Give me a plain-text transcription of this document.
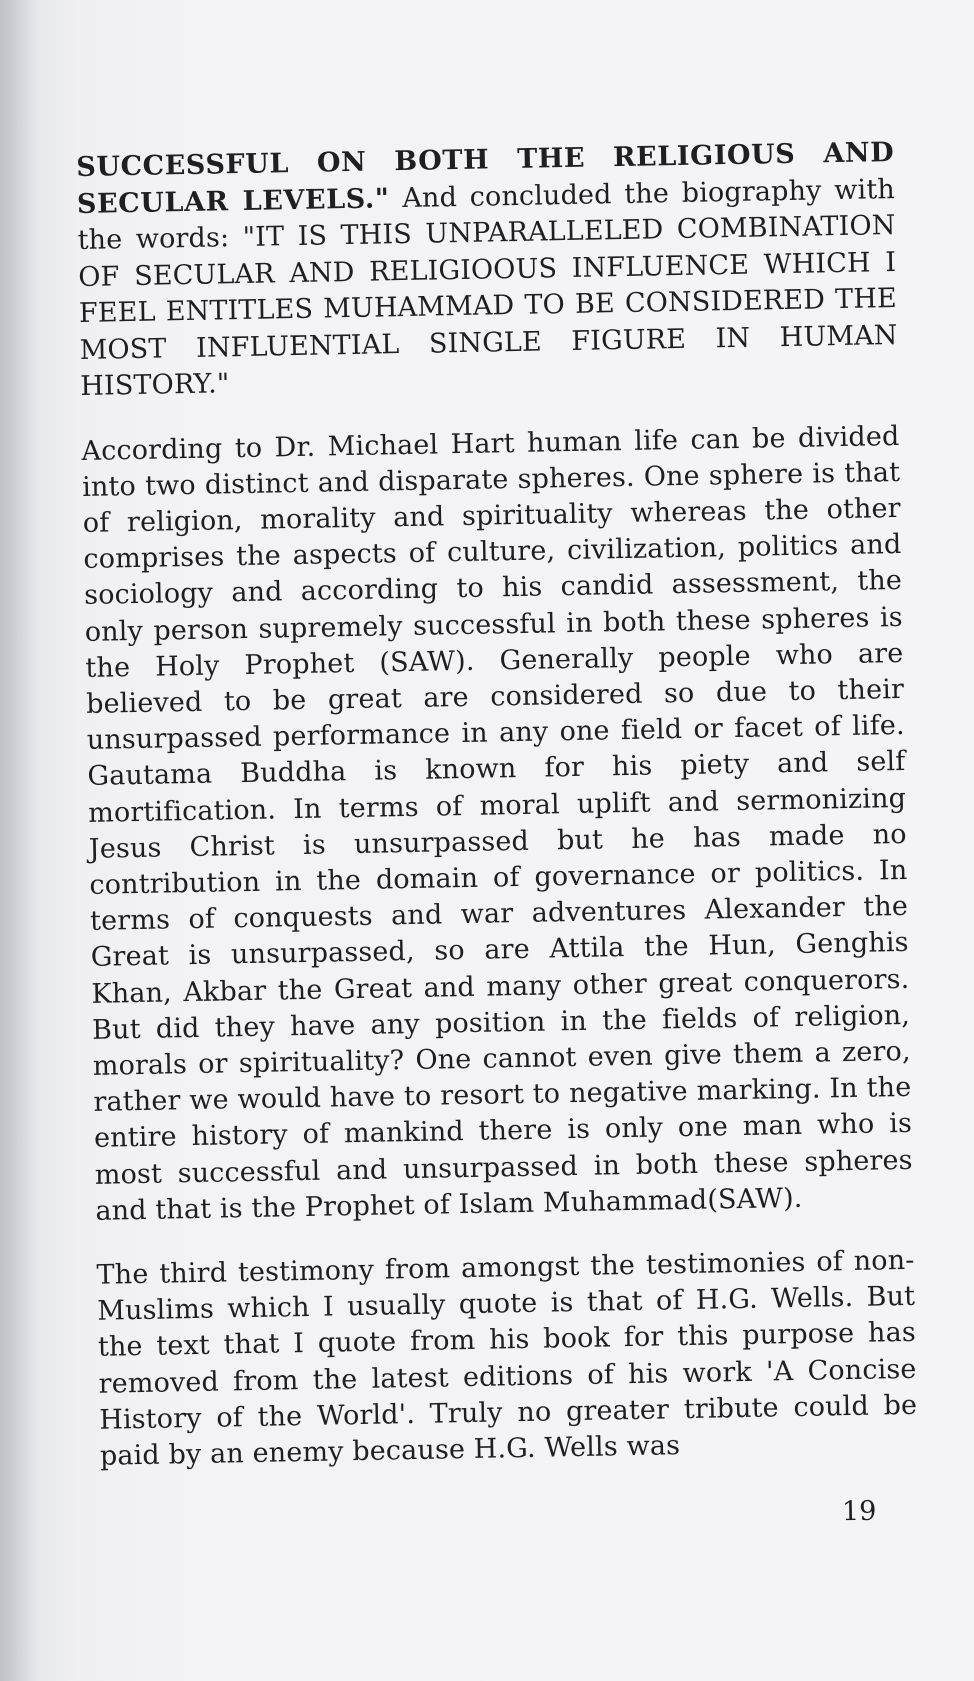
SUCCESSFUL ON BOTH THE RELIGIOUS AND SECULAR LEVELS." And concluded the biography with the words: "IT IS THIS UNPARALLELED COMBINATION OF SECULAR AND RELIGIOOUS INFLUENCE WHICH I FEEL ENTITLES MUHAMMAD TO BE CONSIDERED THE MOST INFLUENTIAL SINGLE FIGURE IN HUMAN HISTORY."

According to Dr. Michael Hart human life can be divided into two distinct and disparate spheres. One sphere is that of religion, morality and spirituality whereas the other comprises the aspects of culture, civilization, politics and sociology and according to his candid assessment, the only person supremely successful in both these spheres is the Holy Prophet (SAW). Generally people who are believed to be great are considered so due to their unsurpassed performance in any one field or facet of life. Gautama Buddha is known for his piety and self mortification. In terms of moral uplift and sermonizing Jesus Christ is unsurpassed but he has made no contribution in the domain of governance or politics. In terms of conquests and war adventures Alexander the Great is unsurpassed, so are Attila the Hun, Genghis Khan, Akbar the Great and many other great conquerors. But did they have any position in the fields of religion, morals or spirituality? One cannot even give them a zero, rather we would have to resort to negative marking. In the entire history of mankind there is only one man who is most successful and unsurpassed in both these spheres and that is the Prophet of Islam Muhammad(SAW).

The third testimony from amongst the testimonies of non-Muslims which I usually quote is that of H.G. Wells. But the text that I quote from his book for this purpose has removed from the latest editions of his work 'A Concise History of the World'. Truly no greater tribute could be paid by an enemy because H.G. Wells was

19
